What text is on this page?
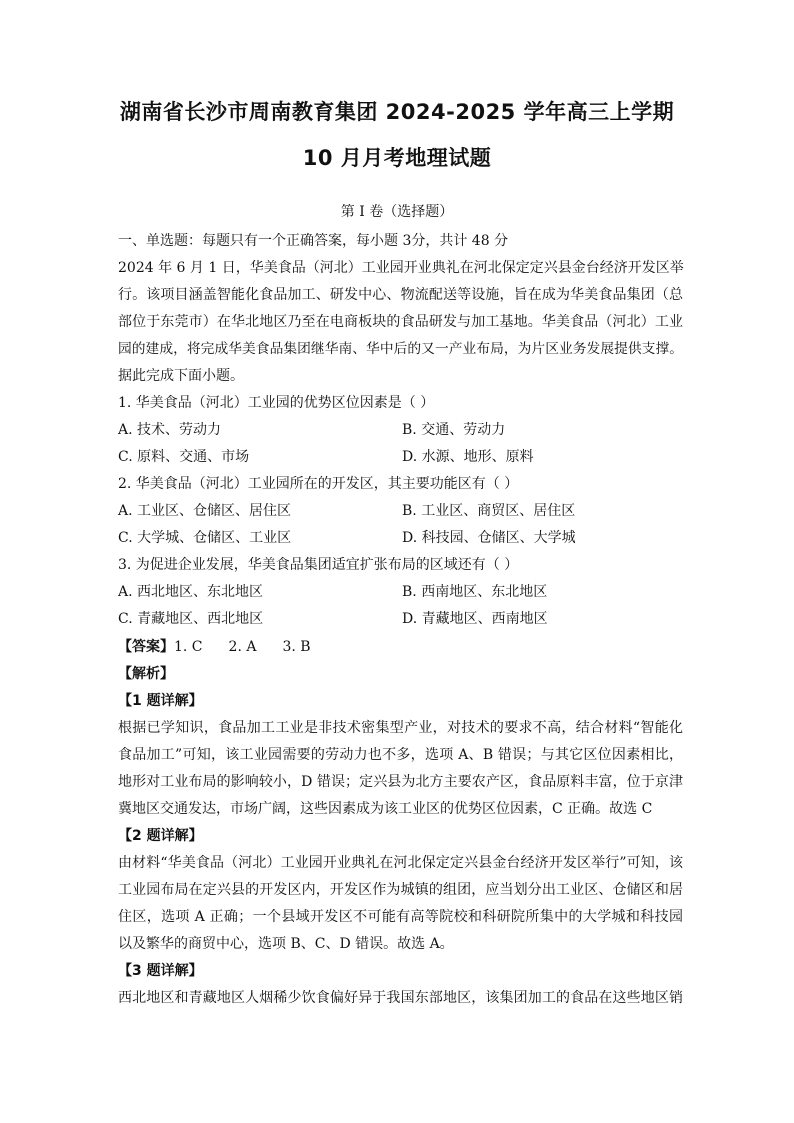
湖南省长沙市周南教育集团 2024-2025 学年高三上学期
10 月月考地理试题
第 I 卷（选择题）
一、单选题：每题只有一个正确答案，每小题 3分，共计 48 分
2024 年 6 月 1 日，华美食品（河北）工业园开业典礼在河北保定定兴县金台经济开发区举
行。该项目涵盖智能化食品加工、研发中心、物流配送等设施，旨在成为华美食品集团（总
部位于东莞市）在华北地区乃至在电商板块的食品研发与加工基地。华美食品（河北）工业
园的建成，将完成华美食品集团继华南、华中后的又一产业布局，为片区业务发展提供支撑。
据此完成下面小题。
1. 华美食品（河北）工业园的优势区位因素是（ ）
A. 技术、劳动力	B. 交通、劳动力
C. 原料、交通、市场	D. 水源、地形、原料
2. 华美食品（河北）工业园所在的开发区，其主要功能区有（ ）
A. 工业区、仓储区、居住区	B. 工业区、商贸区、居住区
C. 大学城、仓储区、工业区	D. 科技园、仓储区、大学城
3. 为促进企业发展，华美食品集团适宜扩张布局的区域还有（ ）
A. 西北地区、东北地区	B. 西南地区、东北地区
C. 青藏地区、西北地区	D. 青藏地区、西南地区
【答案】1. C 2. A 3. B
【解析】
【1 题详解】
根据已学知识，食品加工工业是非技术密集型产业，对技术的要求不高，结合材料“智能化
食品加工”可知，该工业园需要的劳动力也不多，选项 A、B 错误；与其它区位因素相比，
地形对工业布局的影响较小，D 错误；定兴县为北方主要农产区，食品原料丰富，位于京津
冀地区交通发达，市场广阔，这些因素成为该工业区的优势区位因素，C 正确。故选 C
【2 题详解】
由材料“华美食品（河北）工业园开业典礼在河北保定定兴县金台经济开发区举行”可知，该
工业园布局在定兴县的开发区内，开发区作为城镇的组团，应当划分出工业区、仓储区和居
住区，选项 A 正确；一个县域开发区不可能有高等院校和科研院所集中的大学城和科技园
以及繁华的商贸中心，选项 B、C、D 错误。故选 A。
【3 题详解】
西北地区和青藏地区人烟稀少饮食偏好异于我国东部地区，该集团加工的食品在这些地区销
